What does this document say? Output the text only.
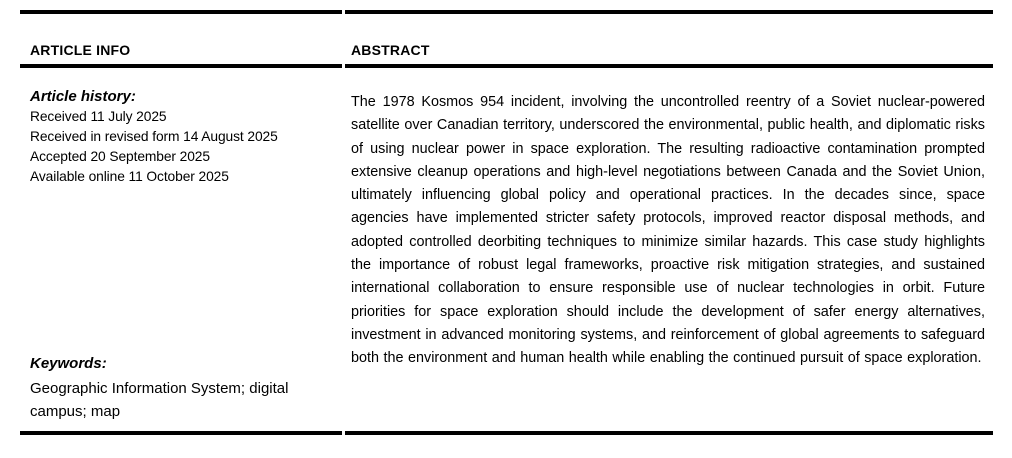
ARTICLE INFO
Article history:
Received 11 July 2025
Received in revised form 14 August 2025
Accepted 20 September 2025
Available online 11 October 2025
Keywords:
Geographic Information System; digital campus; map
ABSTRACT

The 1978 Kosmos 954 incident, involving the uncontrolled reentry of a Soviet nuclear-powered satellite over Canadian territory, underscored the environmental, public health, and diplomatic risks of using nuclear power in space exploration. The resulting radioactive contamination prompted extensive cleanup operations and high-level negotiations between Canada and the Soviet Union, ultimately influencing global policy and operational practices. In the decades since, space agencies have implemented stricter safety protocols, improved reactor disposal methods, and adopted controlled deorbiting techniques to minimize similar hazards. This case study highlights the importance of robust legal frameworks, proactive risk mitigation strategies, and sustained international collaboration to ensure responsible use of nuclear technologies in orbit. Future priorities for space exploration should include the development of safer energy alternatives, investment in advanced monitoring systems, and reinforcement of global agreements to safeguard both the environment and human health while enabling the continued pursuit of space exploration.
